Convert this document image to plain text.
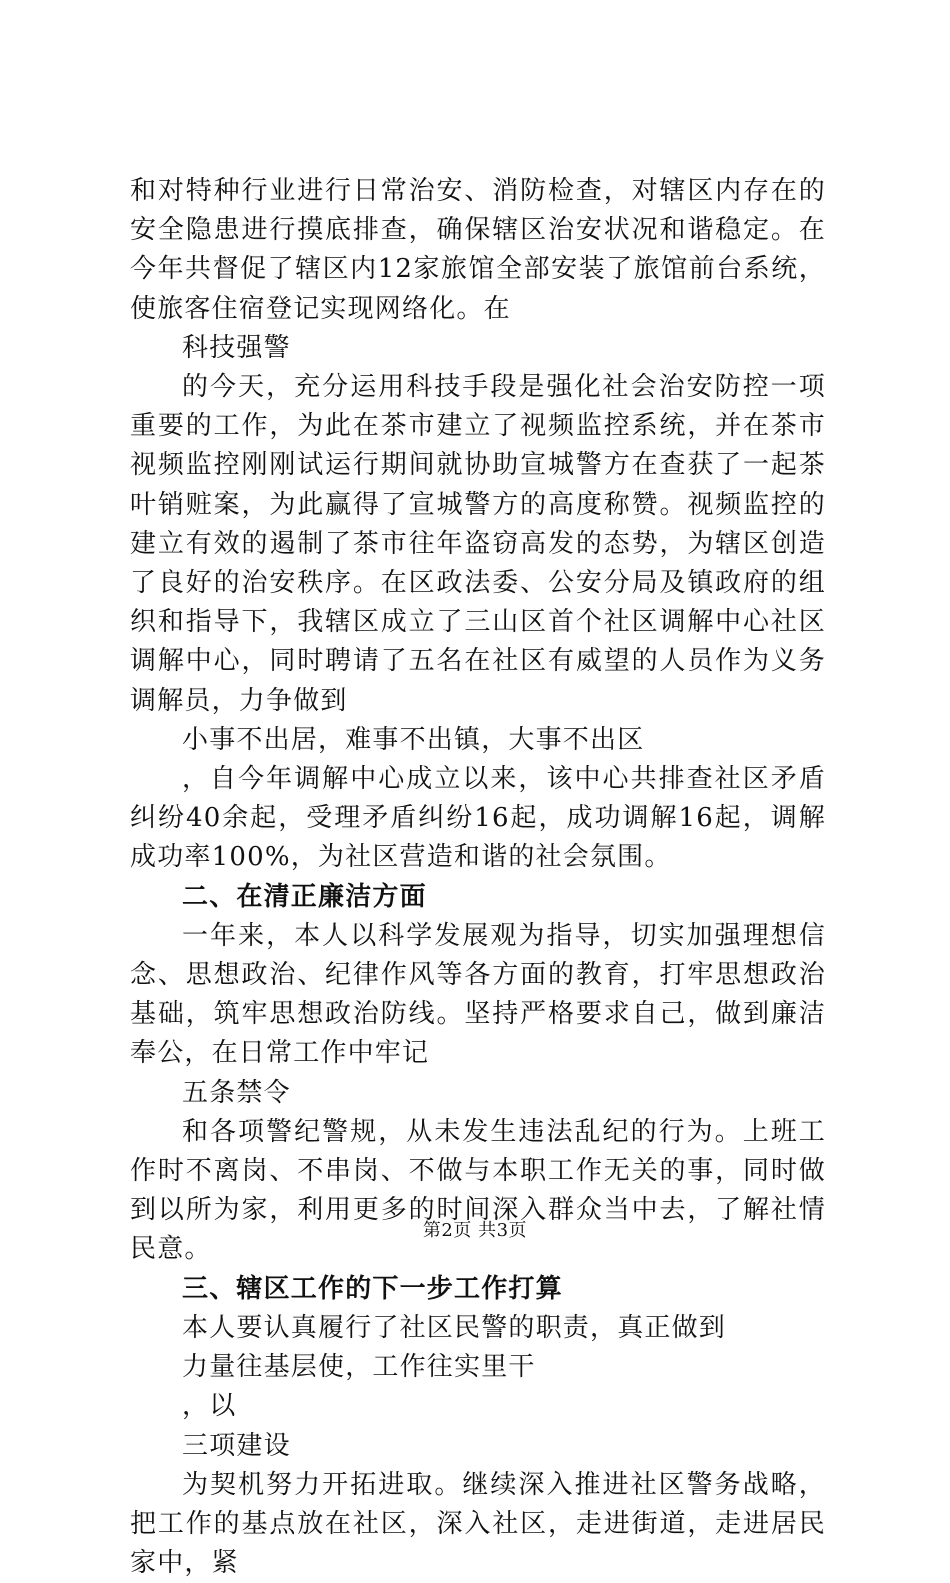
和对特种行业进行日常治安、消防检查，对辖区内存在的安全隐患进行摸底排查，确保辖区治安状况和谐稳定。在今年共督促了辖区内12家旅馆全部安装了旅馆前台系统，使旅客住宿登记实现网络化。在

科技强警

的今天，充分运用科技手段是强化社会治安防控一项重要的工作，为此在茶市建立了视频监控系统，并在茶市视频监控刚刚试运行期间就协助宣城警方在查获了一起茶叶销赃案，为此赢得了宣城警方的高度称赞。视频监控的建立有效的遏制了茶市往年盗窃高发的态势，为辖区创造了良好的治安秩序。在区政法委、公安分局及镇政府的组织和指导下，我辖区成立了三山区首个社区调解中心社区调解中心，同时聘请了五名在社区有威望的人员作为义务调解员，力争做到

小事不出居，难事不出镇，大事不出区

，自今年调解中心成立以来，该中心共排查社区矛盾纠纷40余起，受理矛盾纠纷16起，成功调解16起，调解成功率100%，为社区营造和谐的社会氛围。

二、在清正廉洁方面

一年来，本人以科学发展观为指导，切实加强理想信念、思想政治、纪律作风等各方面的教育，打牢思想政治基础，筑牢思想政治防线。坚持严格要求自己，做到廉洁奉公，在日常工作中牢记

五条禁令

和各项警纪警规，从未发生违法乱纪的行为。上班工作时不离岗、不串岗、不做与本职工作无关的事，同时做到以所为家，利用更多的时间深入群众当中去，了解社情民意。

三、辖区工作的下一步工作打算

本人要认真履行了社区民警的职责，真正做到

力量往基层使，工作往实里干

，以

三项建设

为契机努力开拓进取。继续深入推进社区警务战略，把工作的基点放在社区，深入社区，走进街道，走进居民家中，紧

第2页 共3页
